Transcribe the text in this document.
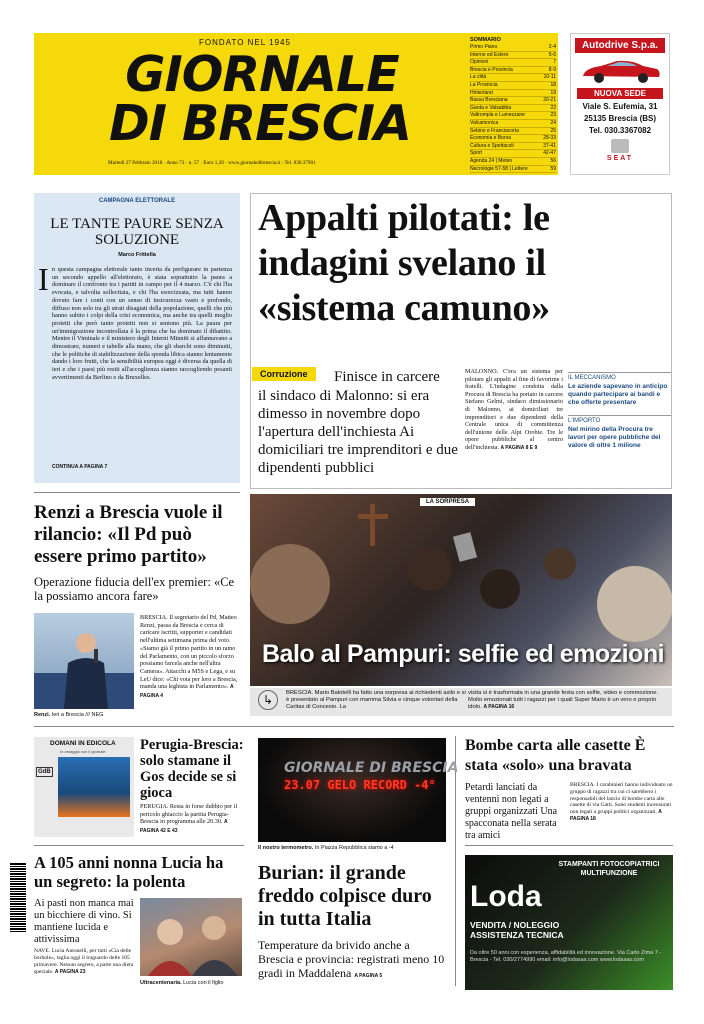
FONDATO NEL 1945
GIORNALE
DI BRESCIA
Martedì 27 Febbraio 2018 · Anno 73 · n. 57 · Euro 1,20 · www.giornaledibrescia.it · Tel. 030.37901
SOMMARIO
Primo Piano	2-4
Interno ed Estero	5-6
Opinioni	7
Brescia e Provincia	8-9
La città	10-11
La Provincia	18
Hinterland	19
Bassa Bresciana	20-21
Garda e Valsabbia	22
Valtrompia e Lumezzane	23
Valcamonica	24
Sebino e Franciacorta	25
Economia e Borsa	28-33
Cultura e Spettacoli	37-41
Sport	42-47
Agenda 24 | Meteo	56
Necrologie 57-58 | Lettere	59
Autodrive S.p.a.
NUOVA SEDE
Viale S. Eufemia, 31
25135 Brescia (BS)
Tel. 030.3367082
SEAT
CAMPAGNA ELETTORALE
LE TANTE PAURE SENZA SOLUZIONE
Marco Frittella
I n questa campagna elettorale tanto incerta da prefigurare in partenza un secondo appello all'elettorato, è stata soprattutto la paura a dominare il confronto tra i partiti in campo per il 4 marzo. C'è chi l'ha evocata, e talvolta sollecitata, e chi l'ha esorcizzata, ma tutti hanno dovuto fare i conti con un senso di insicurezza vasto e profondo, diffuso non solo tra gli strati disagiati della popolazione, quelli che più hanno subito i colpi della crisi economica, ma anche tra quelli meglio protetti che però tanto protetti non si sentono più. La paura per un'immigrazione incontrollata è la prima che ha dominato il dibattito. Mentre il Viminale e il ministero degli Interni Minniti si affannavano a dimostrare, numeri e tabelle alla mano, che gli sbarchi sono diminuiti, che le politiche di stabilizzazione della sponda libica stanno lentamente dando i loro frutti, che la sensibilità europea oggi è diversa da quella di ieri e che i paesi più restii all'accoglienza stanno raccogliendo pesanti avvertimenti da Berlino e da Bruxelles.
CONTINUA A PAGINA 7
Appalti pilotati: le indagini svelano il «sistema camuno»
Corruzione	Finisce in carcere
il sindaco di Malonno: si era dimesso in novembre dopo l'apertura dell'inchiesta Ai domiciliari tre imprenditori e due dipendenti pubblici
MALONNO. C'era un sistema per pilotare gli appalti al fine di favorirne i fratelli. L'indagine condotta dalla Procura di Brescia ha portato in carcere Stefano Gelmi, sindaco dimissionario di Malonno, ai domiciliari tre imprenditori e due dipendenti della Centrale unica di committenza dell'unione delle Alpi Orobie. Tre le opere pubbliche al centro dell'inchiesta. A PAGINA 8 E 9
IL MECCANISMO
Le aziende sapevano in anticipo quando partecipare ai bandi e che offerte presentare
L'IMPORTO
Nel mirino della Procura tre lavori per opere pubbliche del valore di oltre 1 milione
Renzi a Brescia vuole il rilancio: «Il Pd può essere primo partito»
Operazione fiducia dell'ex premier: «Ce la possiamo ancora fare»
Renzi. Ieri a Brescia /// NEG
BRESCIA. Il segretario del Pd, Matteo Renzi, passa da Brescia e cerca di caricare iscritti, supporter e candidati nell'ultima settimana prima del voto. «Siamo già il primo partito in un ramo del Parlamento, con un piccolo sforzo possiamo farcela anche nell'altra Camera». Attacchi a M5S e Lega, e su LeU dice: «Chi vota per loro a Brescia, manda una leghista in Parlamento». A PAGINA 4
LA SORPRESA
Balo al Pampuri: selfie ed emozioni
↳	BRESCIA. Mario Balotelli ha fatto una sorpresa ai richiedenti asilo e si è presentato al Pampuri con mamma Silvia e cinque volontari della Caritas di Concesio. La
visita si è trasformata in una grande festa con selfie, video e commozione. Molto emozionati tutti i ragazzi per i quali Super Mario è un vero e proprio idolo. A PAGINA 16
GdB
In omaggio con il giornale
DOMANI IN EDICOLA	Perugia-Brescia: solo stamane il Gos decide se si gioca
PERUGIA. Resta in forse dubbio per il pericolo ghiaccio la partita Perugia-Brescia in programma alle 20.30. A PAGINA 42 E 43
A 105 anni nonna Lucia ha un segreto: la polenta
Ai pasti non manca mai un bicchiere di vino. Si mantiene lucida e attivissima
NAVE. Lucia Antonelli, per tutti «Cia delle borbole», taglia oggi il traguardo delle 105 primavere. Nessun segreto, a parte una dieta speciale. A PAGINA 23
Ultracentenaria. Lucia con il figlio
GIORNALE DI BRESCIA
23.07 GELO RECORD -4°
Il nostro termometro. In Piazza Repubblica siamo a -4
Burian: il grande freddo colpisce duro in tutta Italia
Temperature da brivido anche a Brescia e provincia: registrati meno 10 gradi in Maddalena A PAGINA 5
Bombe carta alle casette È stata «solo» una bravata
Petardi lanciati da ventenni non legati a gruppi organizzati Una spacconata nella serata tra amici
BRESCIA. I carabinieri hanno individuato un gruppo di ragazzi tra cui ci sarebbero i responsabili del lancio di bombe carta alle casette di via Gatti. Sono studenti incensurati non legati a gruppi politici organizzati. A PAGINA 18
STAMPANTI FOTOCOPIATRICI MULTIFUNZIONE
Loda
VENDITA / NOLEGGIO
ASSISTENZA TECNICA
Da oltre 50 anni con esperienza, affidabilità ed innovazione. Via Carlo Zima 7 - Brescia - Tel. 030/2774990 email: info@lodasas.com www.lodasas.com
